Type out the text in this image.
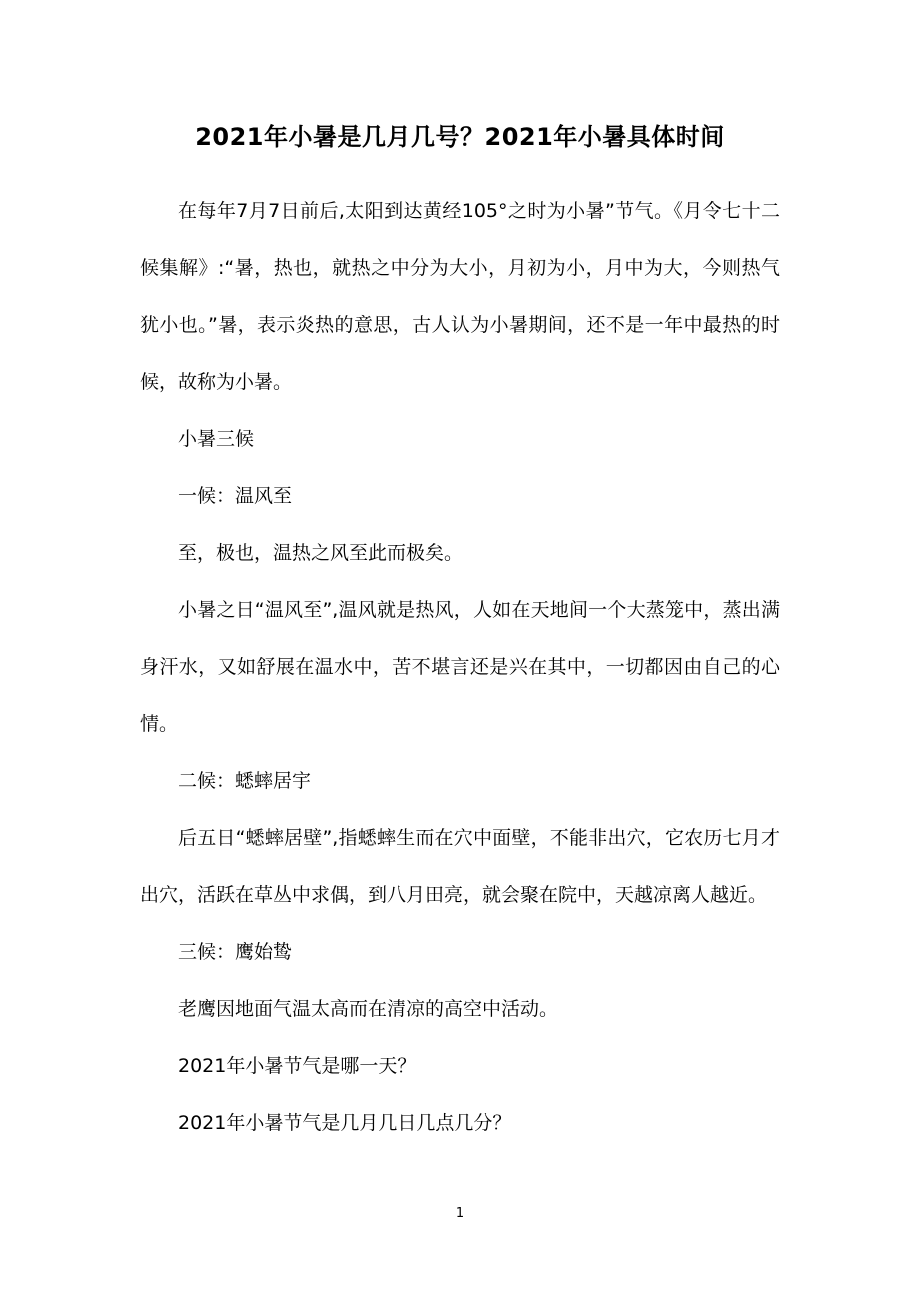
2021年小暑是几月几号？2021年小暑具体时间

在每年7月7日前后,太阳到达黄经105°之时为小暑”节气。《月令七十二候集解》:“暑，热也，就热之中分为大小，月初为小，月中为大，今则热气犹小也。”暑，表示炎热的意思，古人认为小暑期间，还不是一年中最热的时候，故称为小暑。

小暑三候

一候：温风至

至，极也，温热之风至此而极矣。

小暑之日“温风至”,温风就是热风，人如在天地间一个大蒸笼中，蒸出满身汗水，又如舒展在温水中，苦不堪言还是兴在其中，一切都因由自己的心情。

二候：蟋蟀居宇

后五日“蟋蟀居壁”,指蟋蟀生而在穴中面壁，不能非出穴，它农历七月才出穴，活跃在草丛中求偶，到八月田亮，就会聚在院中，天越凉离人越近。

三候：鹰始鸷

老鹰因地面气温太高而在清凉的高空中活动。

2021年小暑节气是哪一天？

2021年小暑节气是几月几日几点几分？

1
